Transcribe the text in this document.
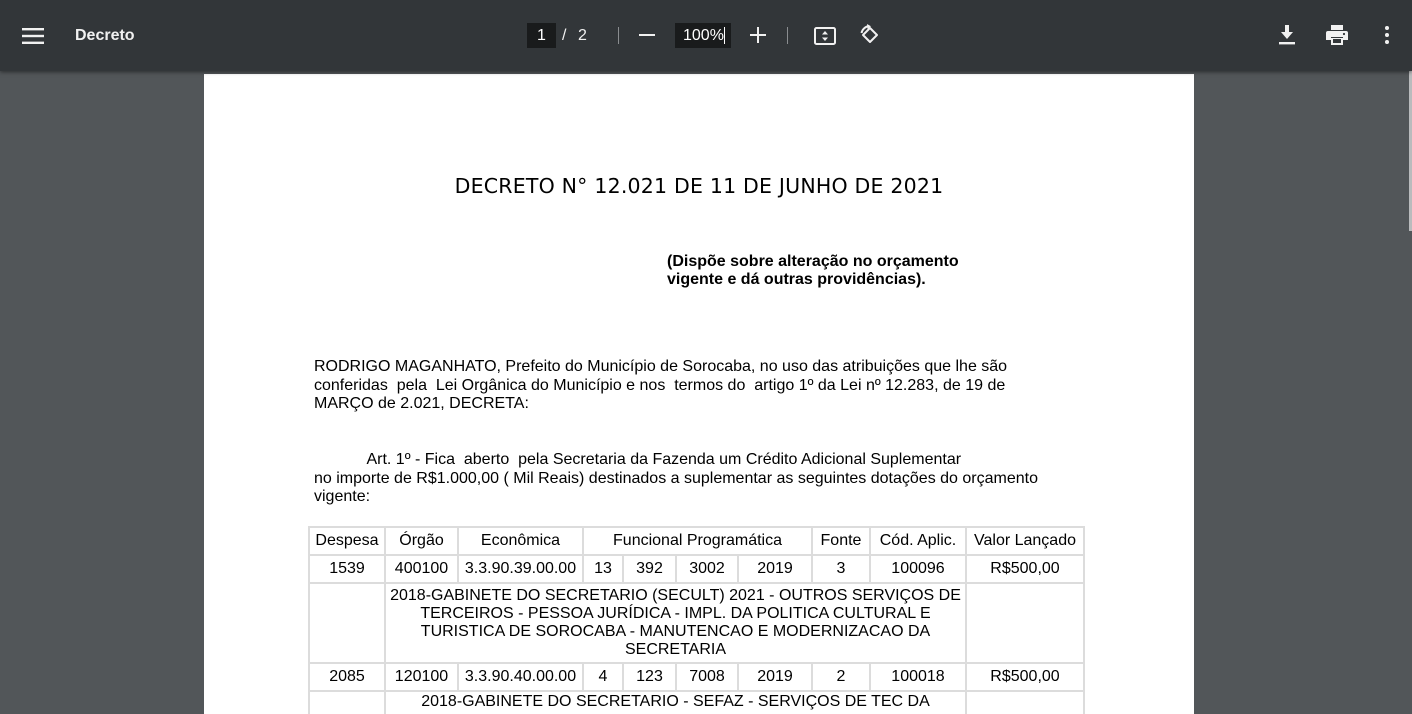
Decreto	1	/ 2	100%
DECRETO N° 12.021 DE 11 DE JUNHO DE 2021
(Dispõe sobre alteração no orçamento
vigente e dá outras providências).
RODRIGO MAGANHATO, Prefeito do Município de Sorocaba, no uso das atribuições que lhe são
conferidas  pela  Lei Orgânica do Município e nos  termos do  artigo 1º da Lei nº 12.283, de 19 de
MARÇO de 2.021, DECRETA:
Art. 1º - Fica  aberto  pela Secretaria da Fazenda um Crédito Adicional Suplementar
no importe de R$1.000,00 ( Mil Reais) destinados a suplementar as seguintes dotações do orçamento
vigente:
Despesa	Órgão	Econômica	Funcional Programática				Fonte	Cód. Aplic.	Valor Lançado
1539	400100	3.3.90.39.00.00	13	392	3002	2019	3	100096	R$500,00
	2018-GABINETE DO SECRETARIO (SECULT) 2021 - OUTROS SERVIÇOS DE TERCEIROS - PESSOA JURÍDICA - IMPL. DA POLITICA CULTURAL E TURISTICA DE SOROCABA - MANUTENCAO E MODERNIZACAO DA SECRETARIA								
2085	120100	3.3.90.40.00.00	4	123	7008	2019	2	100018	R$500,00
	2018-GABINETE DO SECRETARIO - SEFAZ - SERVIÇOS DE TEC DA								
